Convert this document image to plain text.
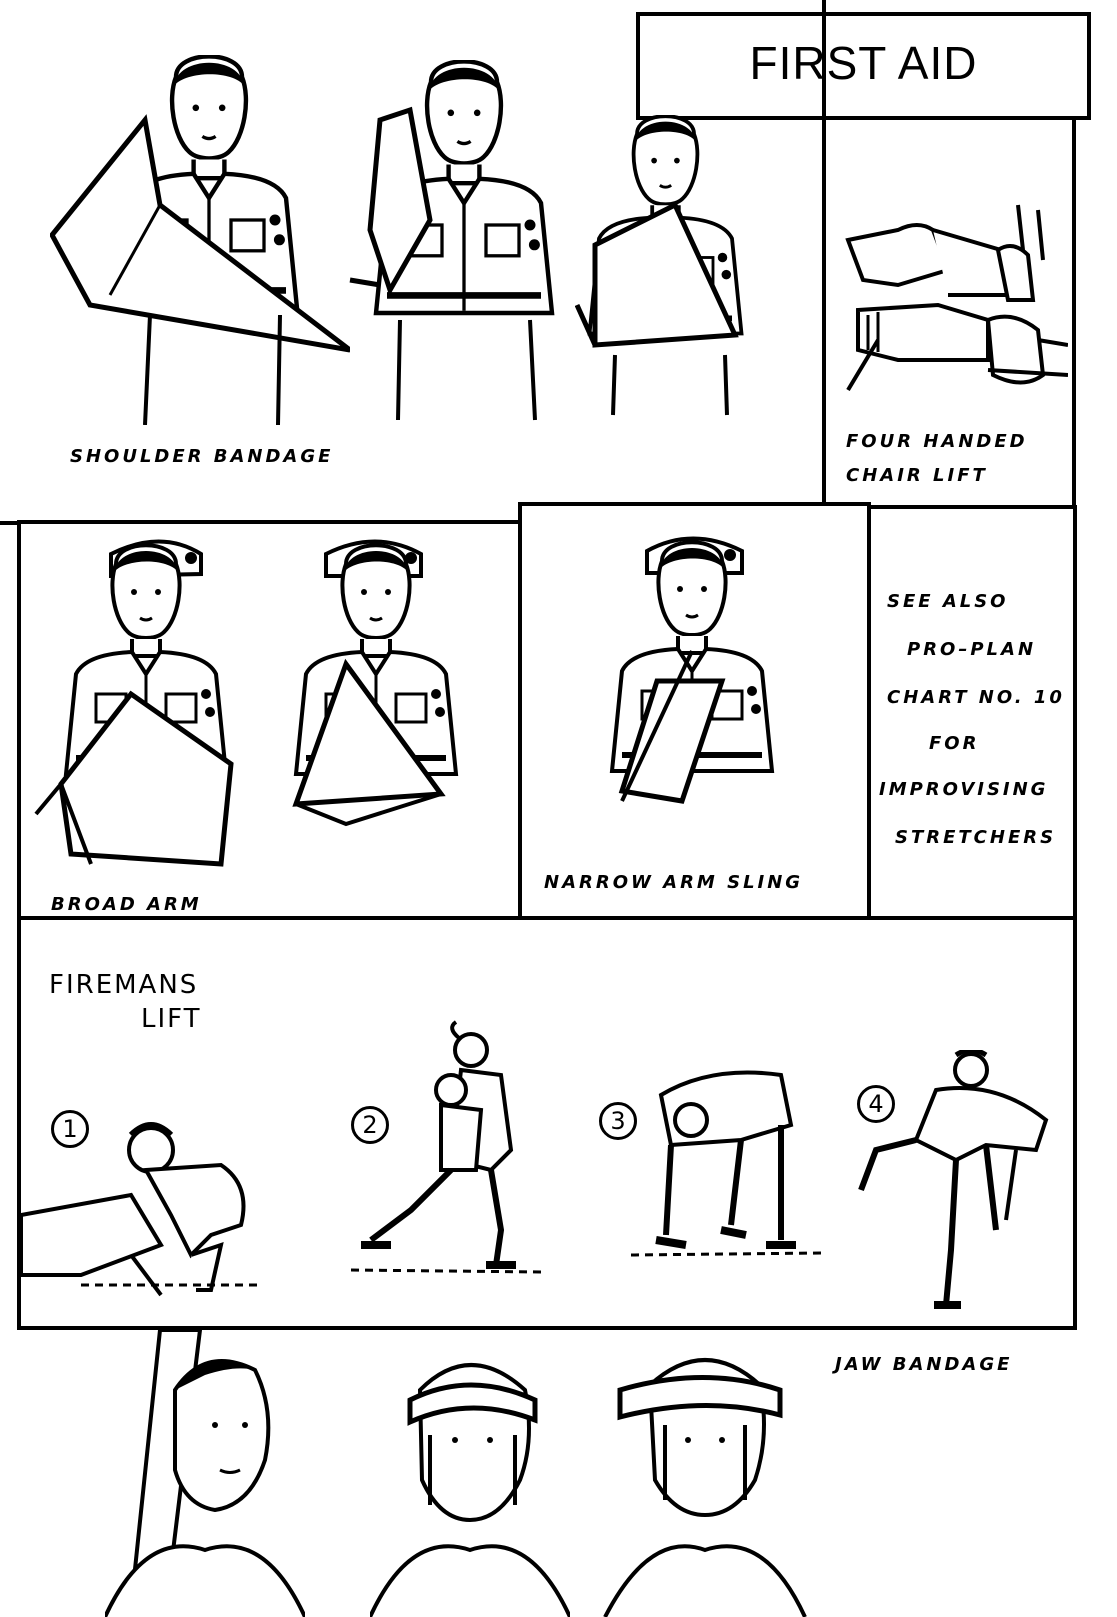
FIRST AID
SHOULDER BANDAGE
FOUR HANDED
CHAIR LIFT
BROAD ARM
NARROW ARM SLING
SEE ALSO
PRO–PLAN
CHART NO. 10
FOR
IMPROVISING
STRETCHERS
FIREMANS
LIFT
1	2	3
4
JAW BANDAGE
